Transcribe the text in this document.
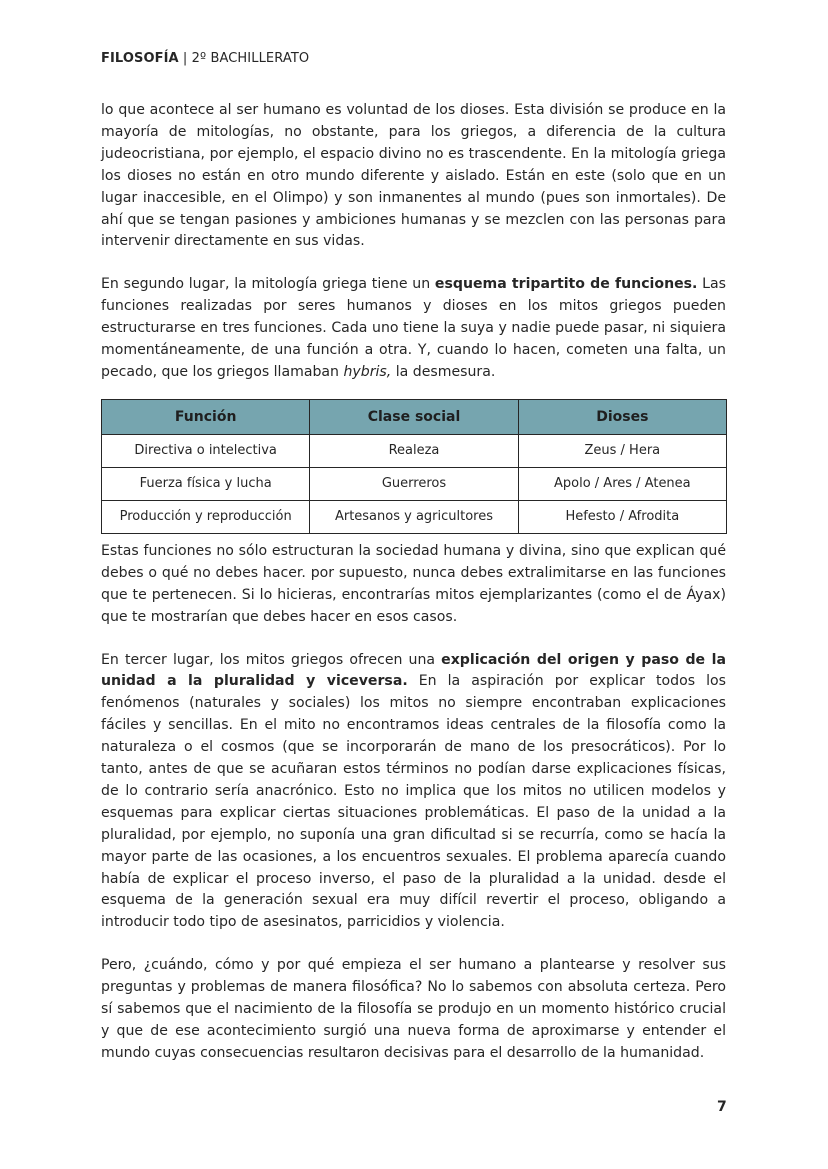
FILOSOFÍA | 2º BACHILLERATO

lo que acontece al ser humano es voluntad de los dioses. Esta división se produce en la mayoría de mitologías, no obstante, para los griegos, a diferencia de la cultura judeocristiana, por ejemplo, el espacio divino no es trascendente. En la mitología griega los dioses no están en otro mundo diferente y aislado. Están en este (solo que en un lugar inaccesible, en el Olimpo) y son inmanentes al mundo (pues son inmortales). De ahí que se tengan pasiones y ambiciones humanas y se mezclen con las personas para intervenir directamente en sus vidas.

En segundo lugar, la mitología griega tiene un esquema tripartito de funciones. Las funciones realizadas por seres humanos y dioses en los mitos griegos pueden estructurarse en tres funciones. Cada uno tiene la suya y nadie puede pasar, ni siquiera momentáneamente, de una función a otra. Y, cuando lo hacen, cometen una falta, un pecado, que los griegos llamaban hybris, la desmesura.

Función	Clase social	Dioses
Directiva o intelectiva	Realeza	Zeus / Hera
Fuerza física y lucha	Guerreros	Apolo / Ares / Atenea
Producción y reproducción	Artesanos y agricultores	Hefesto / Afrodita

Estas funciones no sólo estructuran la sociedad humana y divina, sino que explican qué debes o qué no debes hacer. por supuesto, nunca debes extralimitarse en las funciones que te pertenecen. Si lo hicieras, encontrarías mitos ejemplarizantes (como el de Áyax) que te mostrarían que debes hacer en esos casos.

En tercer lugar, los mitos griegos ofrecen una explicación del origen y paso de la unidad a la pluralidad y viceversa. En la aspiración por explicar todos los fenómenos (naturales y sociales) los mitos no siempre encontraban explicaciones fáciles y sencillas. En el mito no encontramos ideas centrales de la filosofía como la naturaleza o el cosmos (que se incorporarán de mano de los presocráticos). Por lo tanto, antes de que se acuñaran estos términos no podían darse explicaciones físicas, de lo contrario sería anacrónico. Esto no implica que los mitos no utilicen modelos y esquemas para explicar ciertas situaciones problemáticas. El paso de la unidad a la pluralidad, por ejemplo, no suponía una gran dificultad si se recurría, como se hacía la mayor parte de las ocasiones, a los encuentros sexuales. El problema aparecía cuando había de explicar el proceso inverso, el paso de la pluralidad a la unidad. desde el esquema de la generación sexual era muy difícil revertir el proceso, obligando a introducir todo tipo de asesinatos, parricidios y violencia.

Pero, ¿cuándo, cómo y por qué empieza el ser humano a plantearse y resolver sus preguntas y problemas de manera filosófica? No lo sabemos con absoluta certeza. Pero sí sabemos que el nacimiento de la filosofía se produjo en un momento histórico crucial y que de ese acontecimiento surgió una nueva forma de aproximarse y entender el mundo cuyas consecuencias resultaron decisivas para el desarrollo de la humanidad.

7
